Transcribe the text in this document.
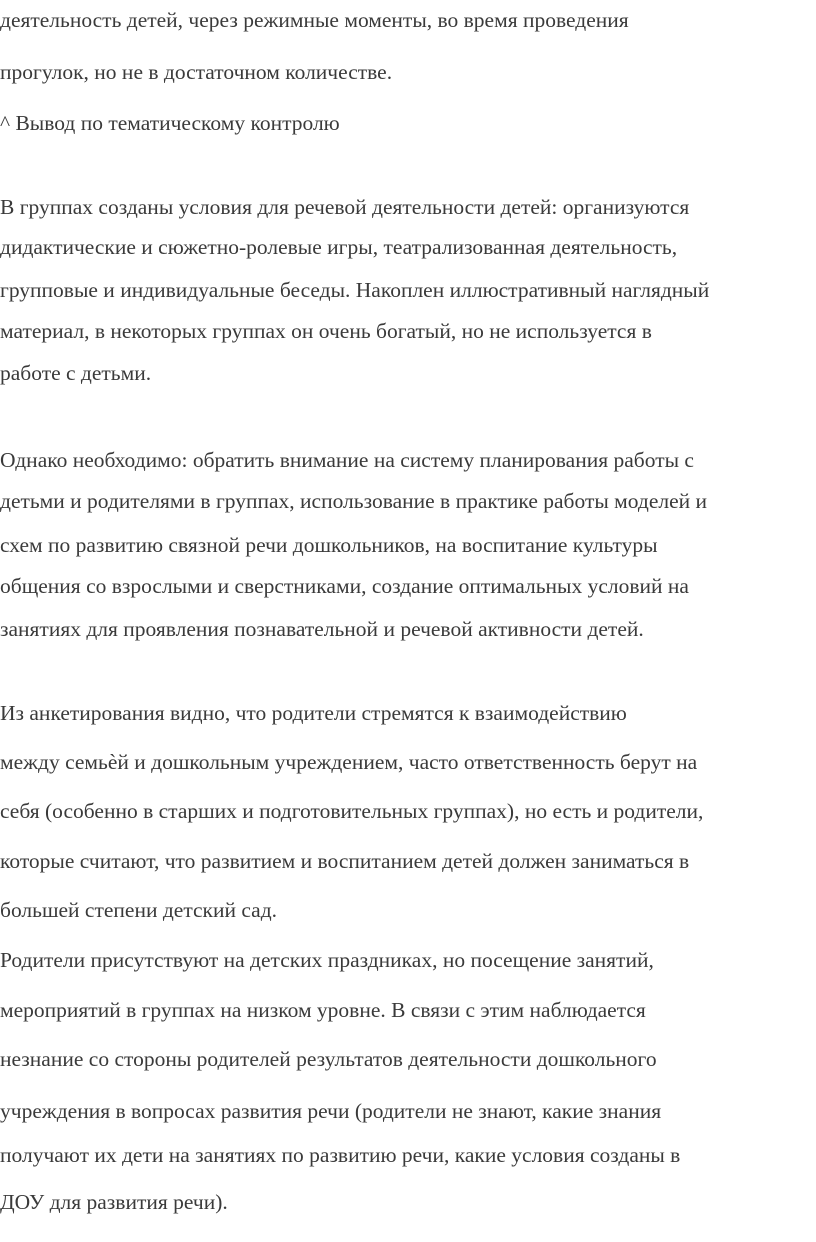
деятельность детей, через режимные моменты, во время проведения

прогулок, но не в достаточном количестве.

^ Вывод по тематическому контролю

В группах созданы условия для речевой деятельности детей: организуются

дидактические и сюжетно-ролевые игры, театрализованная деятельность,

групповые и индивидуальные беседы. Накоплен иллюстративный наглядный

материал, в некоторых группах он очень богатый, но не используется в

работе с детьми.

Однако необходимо: обратить внимание на систему планирования работы с

детьми и родителями в группах, использование в практике работы моделей и

схем по развитию связной речи дошкольников, на воспитание культуры

общения со взрослыми и сверстниками, создание оптимальных условий на

занятиях для проявления познавательной и речевой активности детей.

Из анкетирования видно, что родители стремятся к взаимодействию

между семьѐй и дошкольным учреждением, часто ответственность берут на

себя (особенно в старших и подготовительных группах), но есть и родители,

которые считают, что развитием и воспитанием детей должен заниматься в

большей степени детский сад.

Родители присутствуют на детских праздниках, но посещение занятий,

мероприятий в группах на низком уровне. В связи с этим наблюдается

незнание со стороны родителей результатов деятельности дошкольного

учреждения в вопросах развития речи (родители не знают, какие знания

получают их дети на занятиях по развитию речи, какие условия созданы в

ДОУ для развития речи).
